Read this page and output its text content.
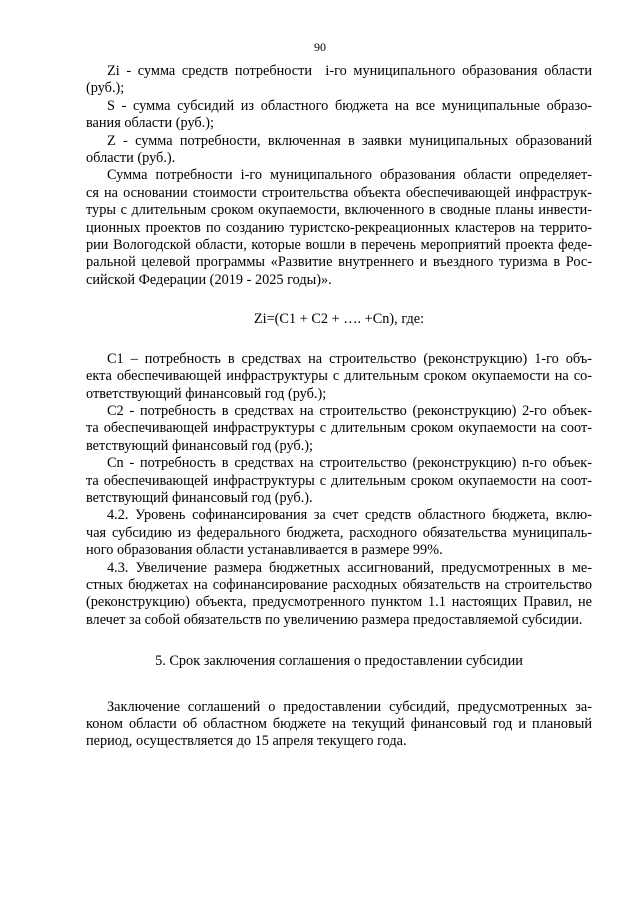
90
Zi - сумма средств потребности  i-го муниципального образования области
(руб.);
S - сумма субсидий из областного бюджета на все муниципальные образо-
вания области (руб.);
Z - сумма потребности, включенная в заявки муниципальных образований
области (руб.).
Сумма потребности i-го муниципального образования области определяет-
ся на основании стоимости строительства объекта обеспечивающей инфраструк-
туры с длительным сроком окупаемости, включенного в сводные планы инвести-
ционных проектов по созданию туристско-рекреационных кластеров на террито-
рии Вологодской области, которые вошли в перечень мероприятий проекта феде-
ральной целевой программы «Развитие внутреннего и въездного туризма в Рос-
сийской Федерации (2019 - 2025 годы)».
Zi=(C1 + C2 + …. +Cn), где:
C1 – потребность в средствах на строительство (реконструкцию) 1-го объ-
екта обеспечивающей инфраструктуры с длительным сроком окупаемости на со-
ответствующий финансовый год (руб.);
C2 - потребность в средствах на строительство (реконструкцию) 2-го объек-
та обеспечивающей инфраструктуры с длительным сроком окупаемости на соот-
ветствующий финансовый год (руб.);
Cn - потребность в средствах на строительство (реконструкцию) n-го объек-
та обеспечивающей инфраструктуры с длительным сроком окупаемости на соот-
ветствующий финансовый год (руб.).
4.2. Уровень софинансирования за счет средств областного бюджета, вклю-
чая субсидию из федерального бюджета, расходного обязательства муниципаль-
ного образования области устанавливается в размере 99%.
4.3. Увеличение размера бюджетных ассигнований, предусмотренных в ме-
стных бюджетах на софинансирование расходных обязательств на строительство
(реконструкцию) объекта, предусмотренного пунктом 1.1 настоящих Правил, не
влечет за собой обязательств по увеличению размера предоставляемой субсидии.
5. Срок заключения соглашения о предоставлении субсидии
Заключение соглашений о предоставлении субсидий, предусмотренных за-
коном области об областном бюджете на текущий финансовый год и плановый
период, осуществляется до 15 апреля текущего года.
